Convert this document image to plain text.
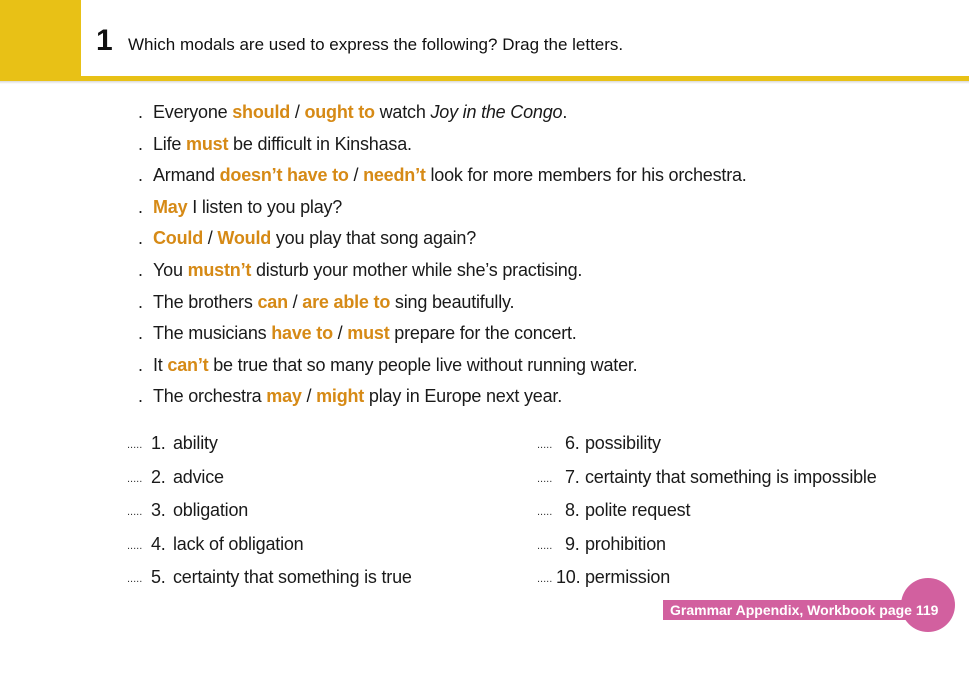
1 Which modals are used to express the following? Drag the letters.
. Everyone should / ought to watch Joy in the Congo.
. Life must be difficult in Kinshasa.
. Armand doesn’t have to / needn’t look for more members for his orchestra.
. May I listen to you play?
. Could / Would you play that song again?
. You mustn’t disturb your mother while she’s practising.
. The brothers can / are able to sing beautifully.
. The musicians have to / must prepare for the concert.
. It can’t be true that so many people live without running water.
. The orchestra may / might play in Europe next year.
..... 1. ability
..... 2. advice
..... 3. obligation
..... 4. lack of obligation
..... 5. certainty that something is true
..... 6. possibility
..... 7. certainty that something is impossible
..... 8. polite request
..... 9. prohibition
..... 10. permission
Grammar Appendix, Workbook page 119
